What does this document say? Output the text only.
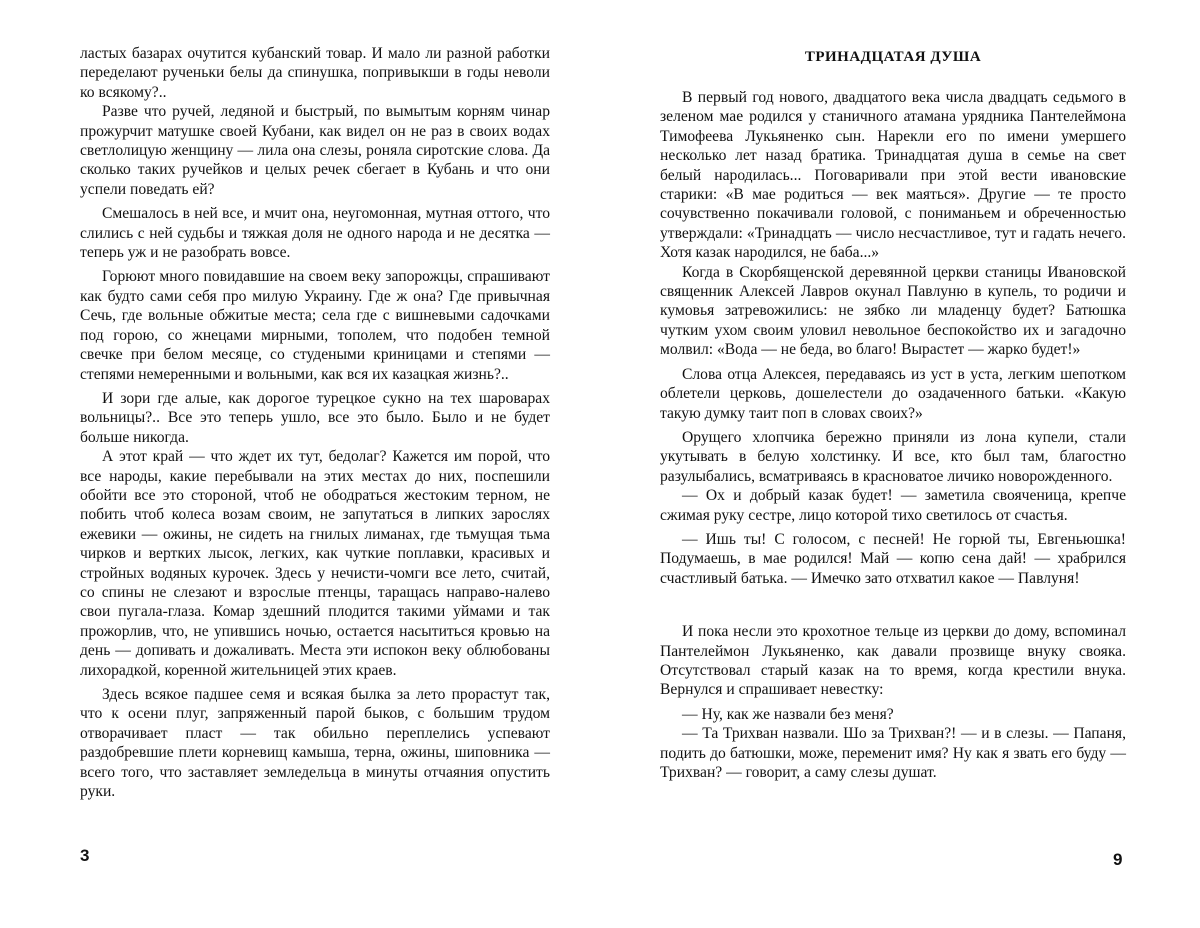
ластых базарах очутится кубанский товар. И мало ли разной работки переделают рученьки белы да спинушка, попривыкши в годы неволи ко всякому?..

Разве что ручей, ледяной и быстрый, по вымытым корням чинар прожурчит матушке своей Кубани, как видел он не раз в своих водах светлолицую женщину — лила она слезы, роняла сиротские слова. Да сколько таких ручейков и целых речек сбегает в Кубань и что они успели поведать ей?

Смешалось в ней все, и мчит она, неугомонная, мутная оттого, что слились с ней судьбы и тяжкая доля не одного народа и не десятка — теперь уж и не разобрать вовсе.

Горюют много повидавшие на своем веку запорожцы, спрашивают как будто сами себя про милую Украину. Где ж она? Где привычная Сечь, где вольные обжитые места; села где с вишневыми садочками под горою, со жнецами мирными, тополем, что подобен темной свечке при белом месяце, со студеными криницами и степями — степями немеренными и вольными, как вся их казацкая жизнь?..

И зори где алые, как дорогое турецкое сукно на тех шароварах вольницы?.. Все это теперь ушло, все это было. Было и не будет больше никогда.

А этот край — что ждет их тут, бедолаг? Кажется им порой, что все народы, какие перебывали на этих местах до них, поспешили обойти все это стороной, чтоб не ободраться жестоким терном, не побить чтоб колеса возам своим, не запутаться в липких зарослях ежевики — ожины, не сидеть на гнилых лиманах, где тьмущая тьма чирков и вертких лысок, легких, как чуткие поплавки, красивых и стройных водяных курочек. Здесь у нечисти-чомги все лето, считай, со спины не слезают и взрослые птенцы, таращась направо-налево свои пугала-глаза. Комар здешний плодится такими уймами и так прожорлив, что, не упившись ночью, остается насытиться кровью на день — допивать и дожаливать. Места эти испокон веку облюбованы лихорадкой, коренной жительницей этих краев.

Здесь всякое падшее семя и всякая былка за лето прорастут так, что к осени плуг, запряженный парой быков, с большим трудом отворачивает пласт — так обильно переплелись успевают раздобревшие плети корневищ камыша, терна, ожины, шиповника — всего того, что заставляет земледельца в минуты отчаяния опустить руки.

3
ТРИНАДЦАТАЯ ДУША

В первый год нового, двадцатого века числа двадцать седьмого в зеленом мае родился у станичного атамана урядника Пантелеймона Тимофеева Лукьяненко сын. Нарекли его по имени умершего несколько лет назад братика. Тринадцатая душа в семье на свет белый народилась... Поговаривали при этой вести ивановские старики: «В мае родиться — век маяться». Другие — те просто сочувственно покачивали головой, с пониманьем и обреченностью утверждали: «Тринадцать — число несчастливое, тут и гадать нечего. Хотя казак народился, не баба...»

Когда в Скорбященской деревянной церкви станицы Ивановской священник Алексей Лавров окунал Павлуню в купель, то родичи и кумовья затревожились: не зябко ли младенцу будет? Батюшка чутким ухом своим уловил невольное беспокойство их и загадочно молвил: «Вода — не беда, во благо! Вырастет — жарко будет!»

Слова отца Алексея, передаваясь из уст в уста, легким шепотком облетели церковь, дошелестели до озадаченного батьки. «Какую такую думку таит поп в словах своих?»

Орущего хлопчика бережно приняли из лона купели, стали укутывать в белую холстинку. И все, кто был там, благостно разулыбались, всматриваясь в красноватое личико новорожденного.

— Ох и добрый казак будет! — заметила своячeница, крепче сжимая руку сестре, лицо которой тихо светилось от счастья.

— Ишь ты! С голосом, с песней! Не горюй ты, Евгеньюшка! Подумаешь, в мае родился! Май — копю сена дай! — храбрился счастливый батька. — Имечко зато отхватил какое — Павлуня!

И пока несли это крохотное тельце из церкви до дому, вспоминал Пантелеймон Лукьяненко, как давали прозвище внуку свояка. Отсутствовал старый казак на то время, когда крестили внука. Вернулся и спрашивает невестку:

— Ну, как же назвали без меня?

— Та Трихван назвали. Шо за Трихван?! — и в слезы. — Папаня, подить до батюшки, може, переменит имя? Ну как я звать его буду — Трихван? — говорит, а саму слезы душат.

9
